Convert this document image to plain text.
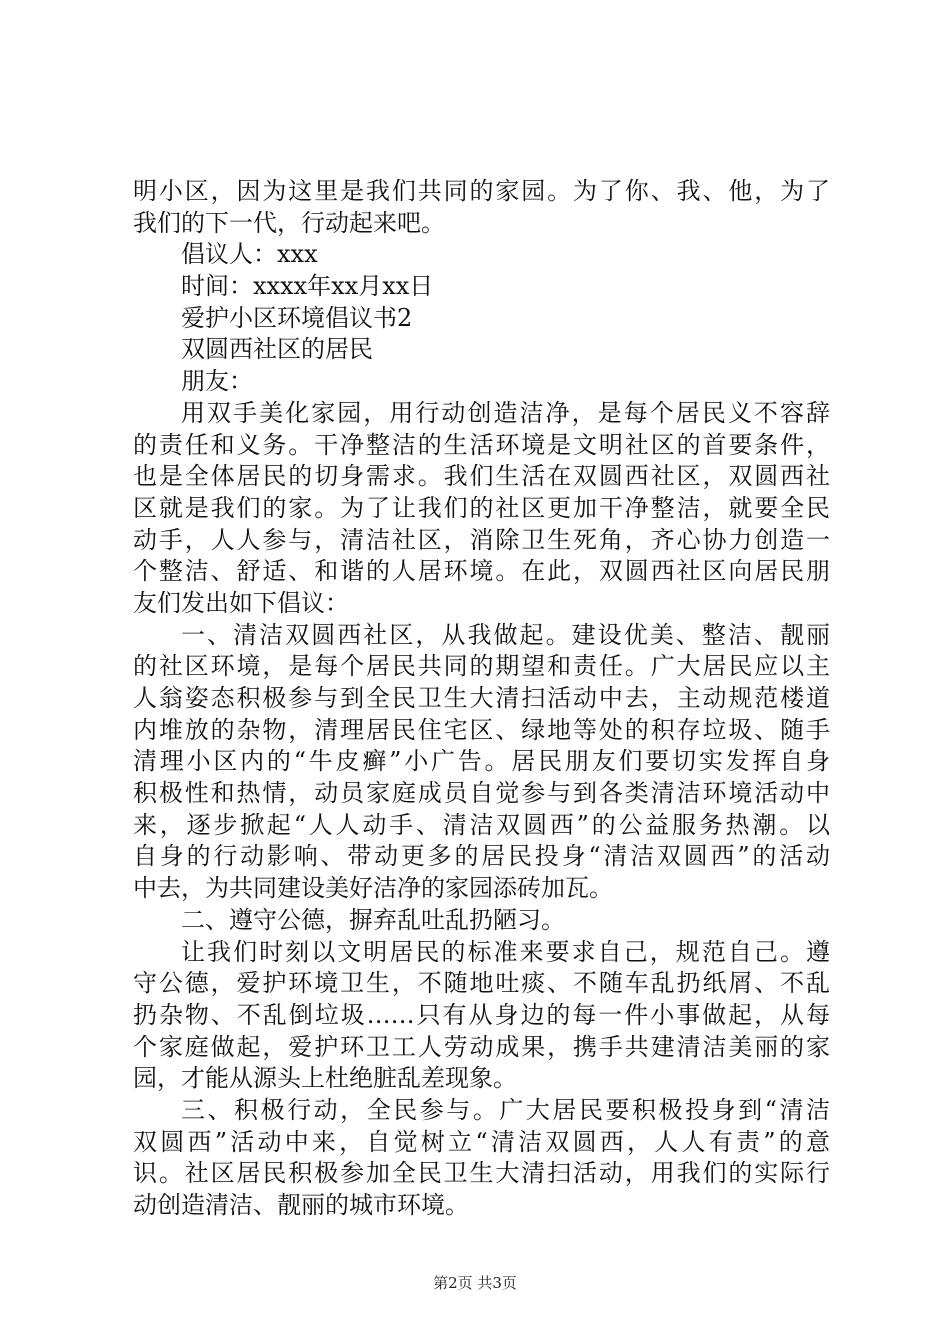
明小区，因为这里是我们共同的家园。为了你、我、他，为了
我们的下一代，行动起来吧。
倡议人：xxx
时间：xxxx年xx月xx日
爱护小区环境倡议书2
双圆西社区的居民
朋友：
用双手美化家园，用行动创造洁净，是每个居民义不容辞
的责任和义务。干净整洁的生活环境是文明社区的首要条件，
也是全体居民的切身需求。我们生活在双圆西社区，双圆西社
区就是我们的家。为了让我们的社区更加干净整洁，就要全民
动手，人人参与，清洁社区，消除卫生死角，齐心协力创造一
个整洁、舒适、和谐的人居环境。在此，双圆西社区向居民朋
友们发出如下倡议：
一、清洁双圆西社区，从我做起。建设优美、整洁、靓丽
的社区环境，是每个居民共同的期望和责任。广大居民应以主
人翁姿态积极参与到全民卫生大清扫活动中去，主动规范楼道
内堆放的杂物，清理居民住宅区、绿地等处的积存垃圾、随手
清理小区内的“牛皮癣”小广告。居民朋友们要切实发挥自身
积极性和热情，动员家庭成员自觉参与到各类清洁环境活动中
来，逐步掀起“人人动手、清洁双圆西”的公益服务热潮。以
自身的行动影响、带动更多的居民投身“清洁双圆西”的活动
中去，为共同建设美好洁净的家园添砖加瓦。
二、遵守公德，摒弃乱吐乱扔陋习。
让我们时刻以文明居民的标准来要求自己，规范自己。遵
守公德，爱护环境卫生，不随地吐痰、不随车乱扔纸屑、不乱
扔杂物、不乱倒垃圾……只有从身边的每一件小事做起，从每
个家庭做起，爱护环卫工人劳动成果，携手共建清洁美丽的家
园，才能从源头上杜绝脏乱差现象。
三、积极行动，全民参与。广大居民要积极投身到“清洁
双圆西”活动中来，自觉树立“清洁双圆西，人人有责”的意
识。社区居民积极参加全民卫生大清扫活动，用我们的实际行
动创造清洁、靓丽的城市环境。
第2页 共3页
